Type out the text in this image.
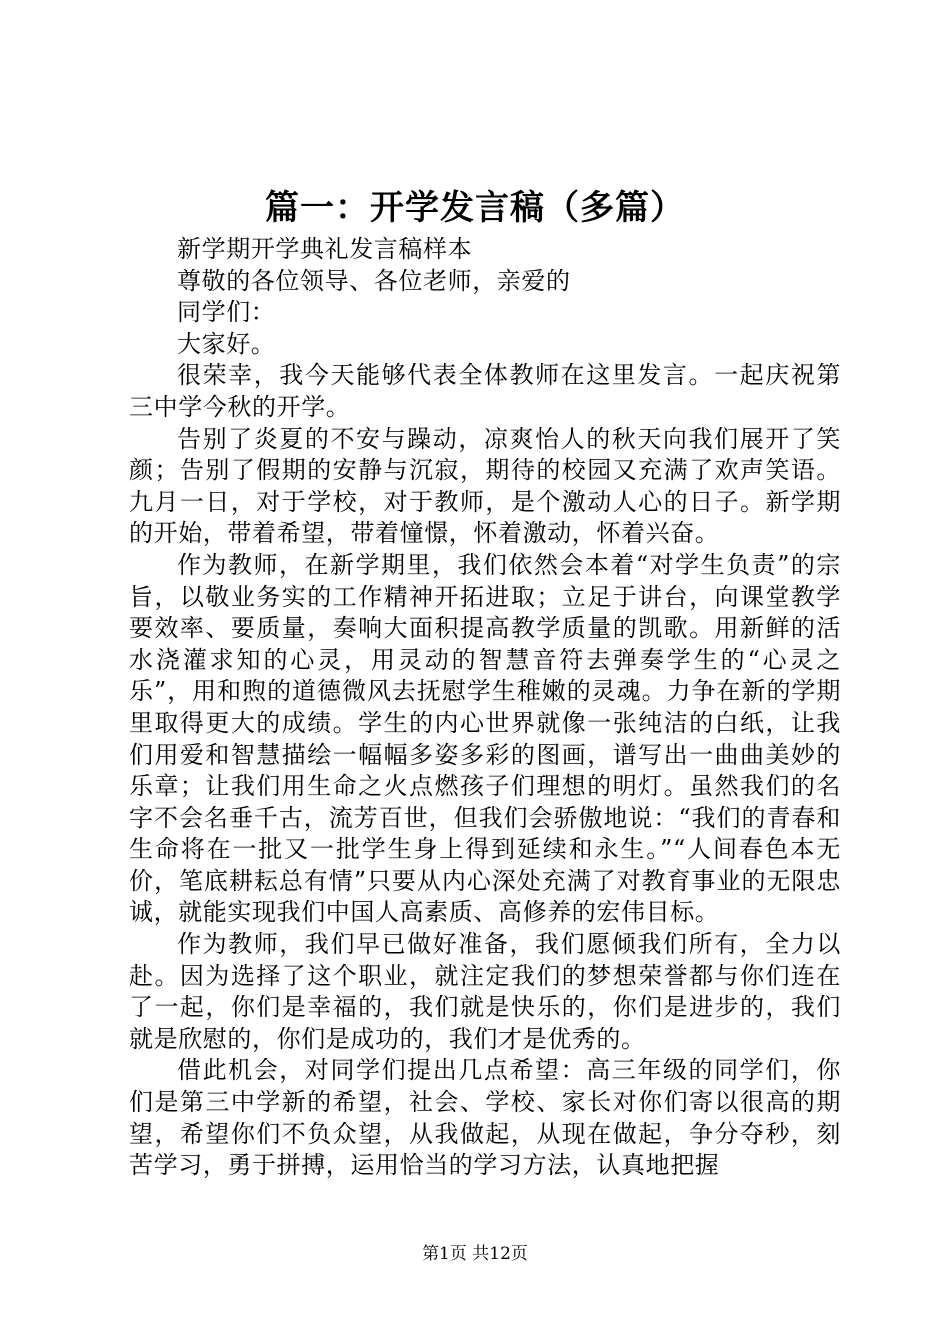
篇一：开学发言稿（多篇）

新学期开学典礼发言稿样本

尊敬的各位领导、各位老师，亲爱的

同学们：

大家好。

很荣幸，我今天能够代表全体教师在这里发言。一起庆祝第三中学今秋的开学。

告别了炎夏的不安与躁动，凉爽怡人的秋天向我们展开了笑颜；告别了假期的安静与沉寂，期待的校园又充满了欢声笑语。九月一日，对于学校，对于教师，是个激动人心的日子。新学期的开始，带着希望，带着憧憬，怀着激动，怀着兴奋。

作为教师，在新学期里，我们依然会本着“对学生负责”的宗旨，以敬业务实的工作精神开拓进取；立足于讲台，向课堂教学要效率、要质量，奏响大面积提高教学质量的凯歌。用新鲜的活水浇灌求知的心灵，用灵动的智慧音符去弹奏学生的“心灵之乐”，用和煦的道德微风去抚慰学生稚嫩的灵魂。力争在新的学期里取得更大的成绩。学生的内心世界就像一张纯洁的白纸，让我们用爱和智慧描绘一幅幅多姿多彩的图画，谱写出一曲曲美妙的乐章；让我们用生命之火点燃孩子们理想的明灯。虽然我们的名字不会名垂千古，流芳百世，但我们会骄傲地说：“我们的青春和生命将在一批又一批学生身上得到延续和永生。”“人间春色本无价，笔底耕耘总有情”只要从内心深处充满了对教育事业的无限忠诚，就能实现我们中国人高素质、高修养的宏伟目标。

作为教师，我们早已做好准备，我们愿倾我们所有，全力以赴。因为选择了这个职业，就注定我们的梦想荣誉都与你们连在了一起，你们是幸福的，我们就是快乐的，你们是进步的，我们就是欣慰的，你们是成功的，我们才是优秀的。

借此机会，对同学们提出几点希望：高三年级的同学们，你们是第三中学新的希望，社会、学校、家长对你们寄以很高的期望，希望你们不负众望，从我做起，从现在做起，争分夺秒，刻苦学习，勇于拼搏，运用恰当的学习方法，认真地把握

第1页 共12页
